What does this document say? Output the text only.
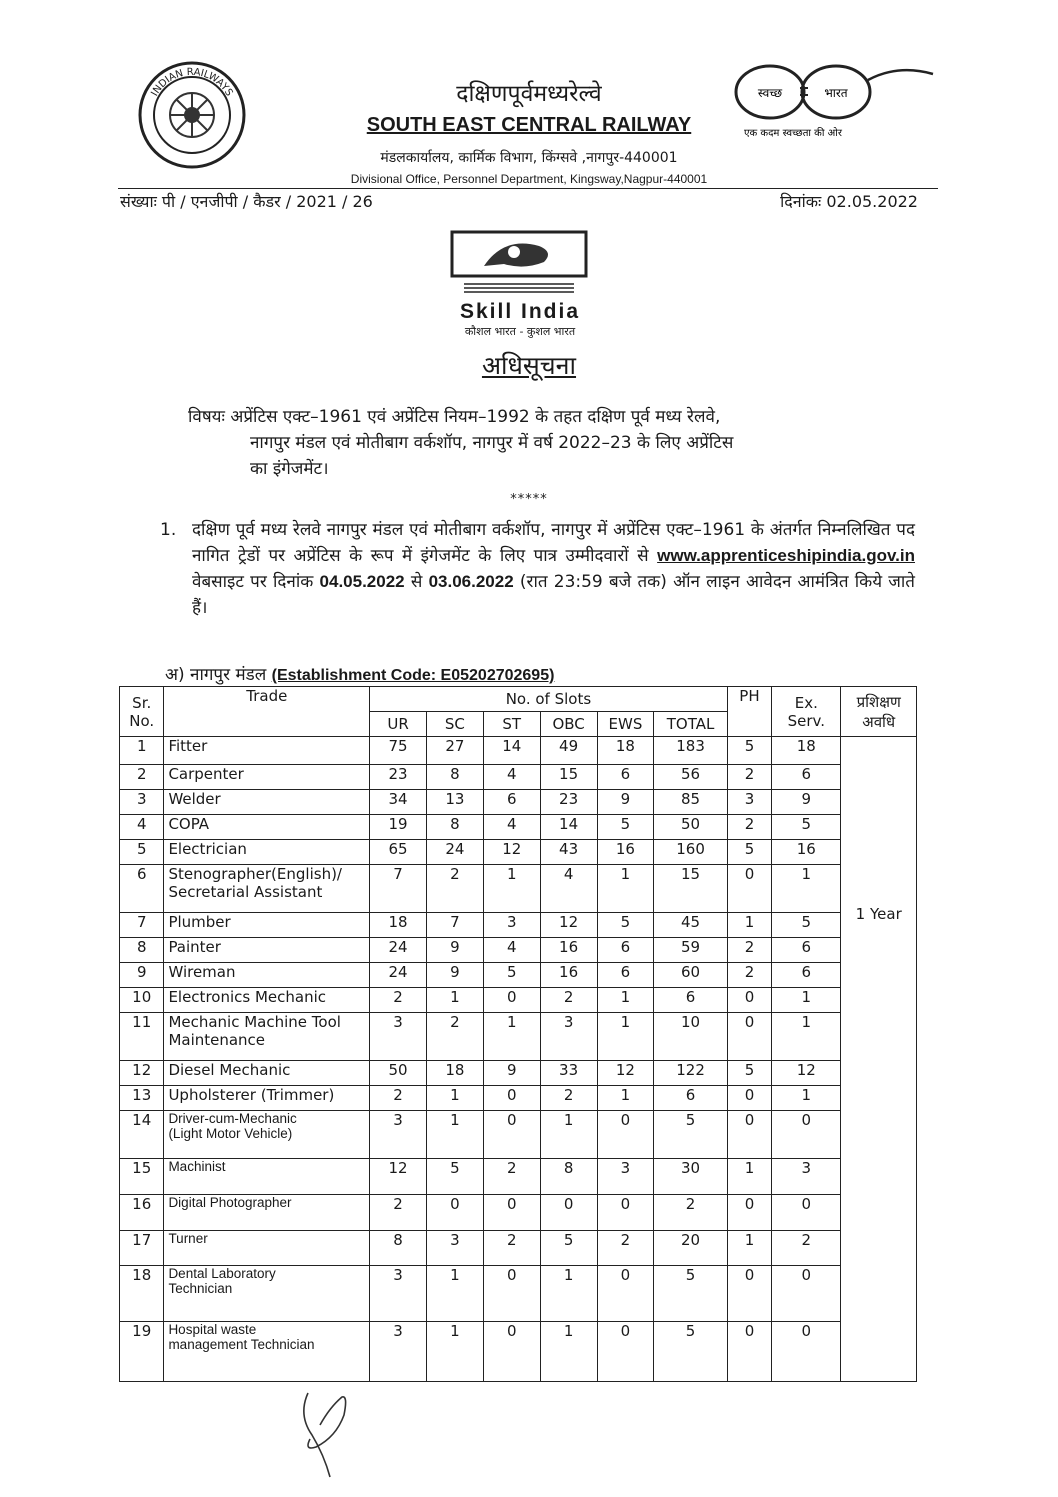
INDIAN RAILWAYS	दक्षिणपूर्वमध्यरेल्वे
SOUTH EAST CENTRAL RAILWAY
मंडलकार्यालय, कार्मिक विभाग, किंग्सवे ,नागपुर-440001
Divisional Office, Personnel Department, Kingsway,Nagpur-440001
स्वच्छ	भारत
एक कदम स्वच्छता की ओर
संख्याः पी / एनजीपी / कैडर / 2021 / 26	दिनांकः 02.05.2022
Skill India
कौशल भारत - कुशल भारत
अधिसूचना
विषयः अप्रेंटिस एक्ट–1961 एवं अप्रेंटिस नियम–1992 के तहत दक्षिण पूर्व मध्य रेलवे,
नागपुर मंडल एवं मोतीबाग वर्कशॉप, नागपुर में वर्ष 2022–23 के लिए अप्रेंटिस
का इंगेजमेंट।
*****
1. दक्षिण पूर्व मध्य रेलवे नागपुर मंडल एवं मोतीबाग वर्कशॉप, नागपुर में अप्रेंटिस एक्ट–1961 के अंतर्गत निम्नलिखित पद नागित ट्रेडों पर अप्रेंटिस के रूप में इंगेजमेंट के लिए पात्र उम्मीदवारों से www.apprenticeshipindia.gov.in वेबसाइट पर दिनांक 04.05.2022 से 03.06.2022 (रात 23:59 बजे तक) ऑन लाइन आवेदन आमंत्रित किये जाते हैं।
अ) नागपुर मंडल (Establishment Code: E05202702695)
Sr.
No.	Trade	No. of Slots						PH	Ex.
Serv.	प्रशिक्षण
अवधि
		UR	SC	ST	OBC	EWS	TOTAL			
1	Fitter	75	27	14	49	18	183	5	18	1 Year
2	Carpenter	23	8	4	15	6	56	2	6	
3	Welder	34	13	6	23	9	85	3	9	
4	COPA	19	8	4	14	5	50	2	5	
5	Electrician	65	24	12	43	16	160	5	16	
6	Stenographer(English)/
Secretarial Assistant	7	2	1	4	1	15	0	1	
7	Plumber	18	7	3	12	5	45	1	5	
8	Painter	24	9	4	16	6	59	2	6	
9	Wireman	24	9	5	16	6	60	2	6	
10	Electronics Mechanic	2	1	0	2	1	6	0	1	
11	Mechanic Machine Tool
Maintenance	3	2	1	3	1	10	0	1	
12	Diesel Mechanic	50	18	9	33	12	122	5	12	
13	Upholsterer (Trimmer)	2	1	0	2	1	6	0	1	
14	Driver-cum-Mechanic
(Light Motor Vehicle)	3	1	0	1	0	5	0	0	
15	Machinist	12	5	2	8	3	30	1	3	
16	Digital Photographer	2	0	0	0	0	2	0	0	
17	Turner	8	3	2	5	2	20	1	2	
18	Dental Laboratory
Technician	3	1	0	1	0	5	0	0	
19	Hospital waste
management Technician	3	1	0	1	0	5	0	0	
